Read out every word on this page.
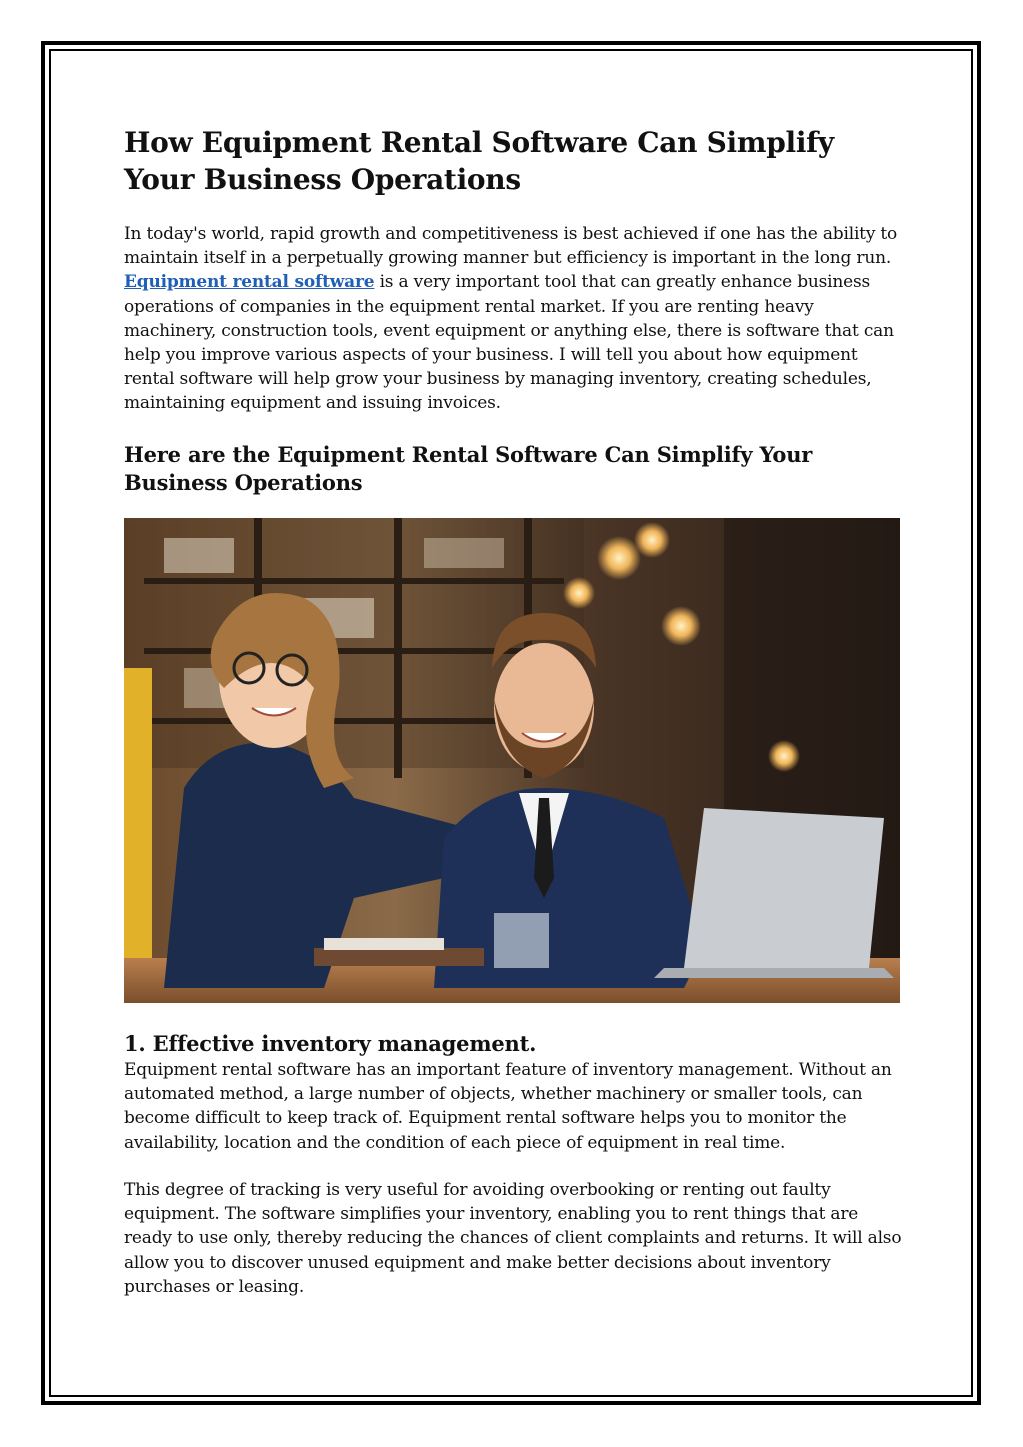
How Equipment Rental Software Can Simplify Your Business Operations

In today's world, rapid growth and competitiveness is best achieved if one has the ability to maintain itself in a perpetually growing manner but efficiency is important in the long run. Equipment rental software is a very important tool that can greatly enhance business operations of companies in the equipment rental market. If you are renting heavy machinery, construction tools, event equipment or anything else, there is software that can help you improve various aspects of your business. I will tell you about how equipment rental software will help grow your business by managing inventory, creating schedules, maintaining equipment and issuing invoices.

Here are the Equipment Rental Software Can Simplify Your Business Operations
1. Effective inventory management.

Equipment rental software has an important feature of inventory management. Without an automated method, a large number of objects, whether machinery or smaller tools, can become difficult to keep track of. Equipment rental software helps you to monitor the availability, location and the condition of each piece of equipment in real time.

This degree of tracking is very useful for avoiding overbooking or renting out faulty equipment. The software simplifies your inventory, enabling you to rent things that are ready to use only, thereby reducing the chances of client complaints and returns. It will also allow you to discover unused equipment and make better decisions about inventory purchases or leasing.
